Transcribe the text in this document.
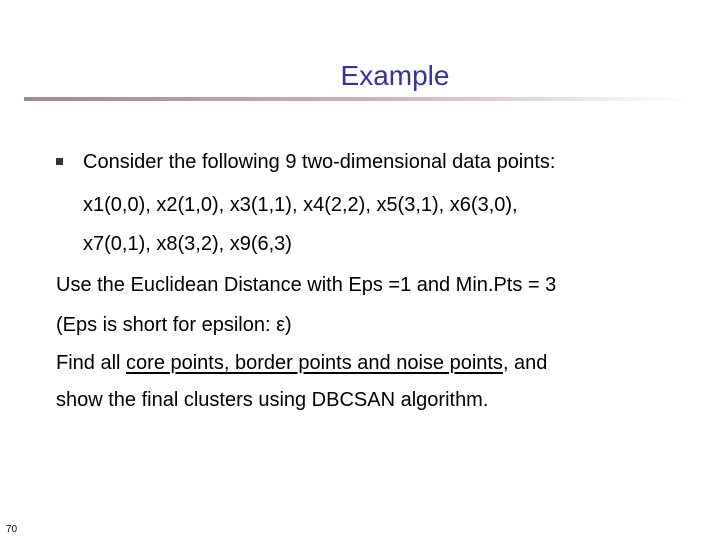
Example
Consider the following 9 two-dimensional data points:
x1(0,0), x2(1,0), x3(1,1), x4(2,2), x5(3,1), x6(3,0),
x7(0,1), x8(3,2), x9(6,3)
Use the Euclidean Distance with Eps =1 and Min.Pts = 3
(Eps is short for epsilon: ε)
Find all core points, border points and noise points, and
show the final clusters using DBCSAN algorithm.
70
